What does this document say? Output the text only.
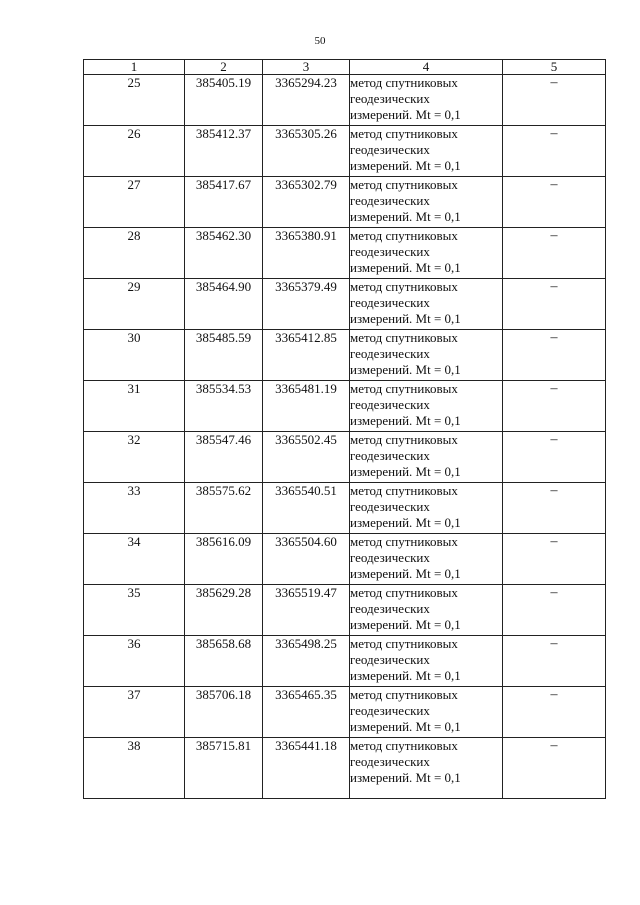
50
1	2	3	4	5
25	385405.19	3365294.23	метод спутниковых
геодезических
измерений. Mt = 0,1	–
26	385412.37	3365305.26	метод спутниковых
геодезических
измерений. Mt = 0,1	–
27	385417.67	3365302.79	метод спутниковых
геодезических
измерений. Mt = 0,1	–
28	385462.30	3365380.91	метод спутниковых
геодезических
измерений. Mt = 0,1	–
29	385464.90	3365379.49	метод спутниковых
геодезических
измерений. Mt = 0,1	–
30	385485.59	3365412.85	метод спутниковых
геодезических
измерений. Mt = 0,1	–
31	385534.53	3365481.19	метод спутниковых
геодезических
измерений. Mt = 0,1	–
32	385547.46	3365502.45	метод спутниковых
геодезических
измерений. Mt = 0,1	–
33	385575.62	3365540.51	метод спутниковых
геодезических
измерений. Mt = 0,1	–
34	385616.09	3365504.60	метод спутниковых
геодезических
измерений. Mt = 0,1	–
35	385629.28	3365519.47	метод спутниковых
геодезических
измерений. Mt = 0,1	–
36	385658.68	3365498.25	метод спутниковых
геодезических
измерений. Mt = 0,1	–
37	385706.18	3365465.35	метод спутниковых
геодезических
измерений. Mt = 0,1	–
38	385715.81	3365441.18	метод спутниковых
геодезических
измерений. Mt = 0,1	–
